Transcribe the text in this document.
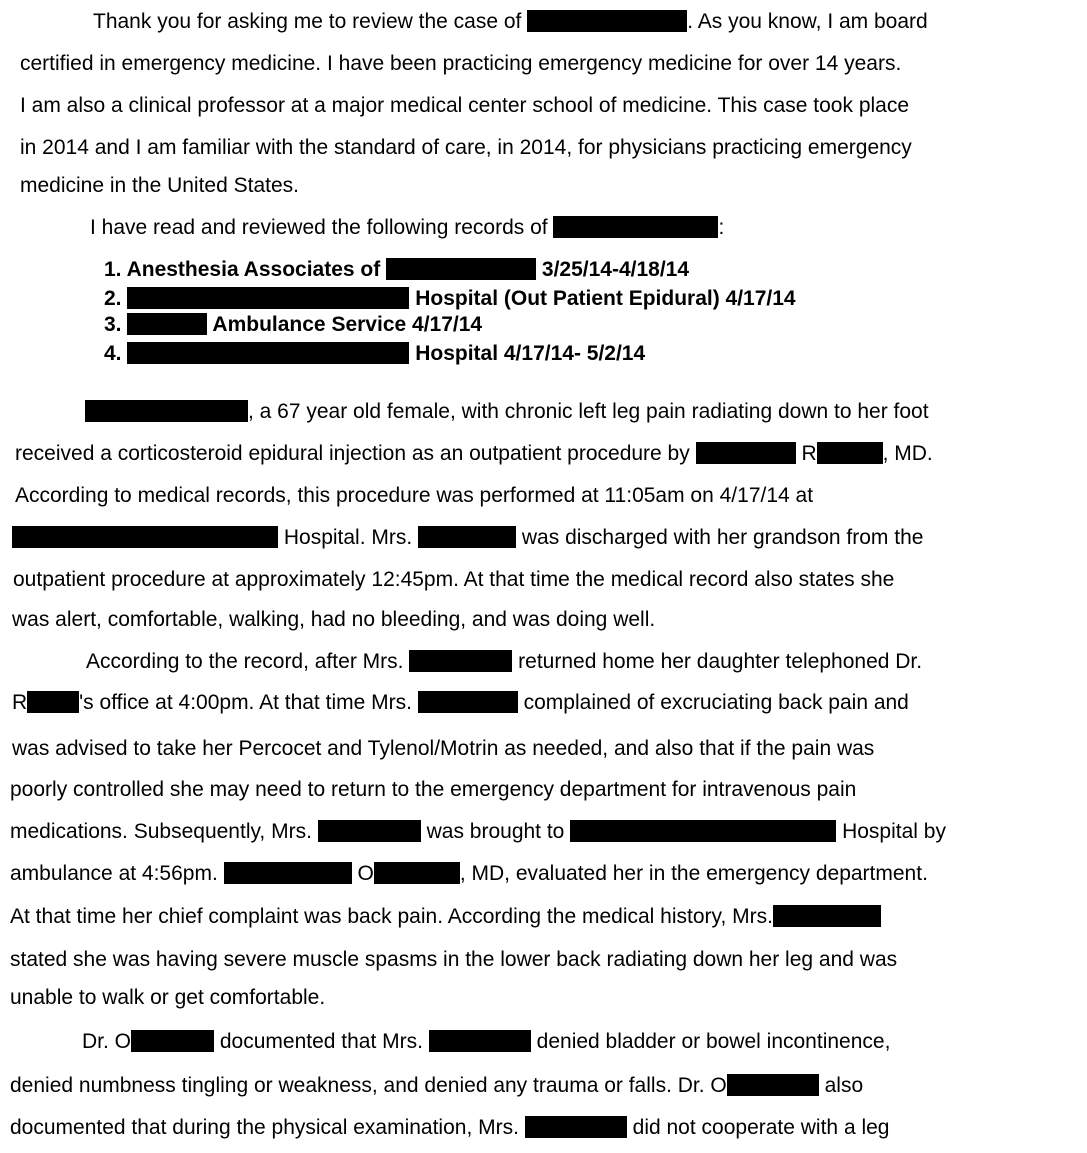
Thank you for asking me to review the case of	. As you know, I am board
certified in emergency medicine. I have been practicing emergency medicine for over 14 years.
I am also a clinical professor at a major medical center school of medicine. This case took place
in 2014 and I am familiar with the standard of care, in 2014, for physicians practicing emergency
medicine in the United States.
I have read and reviewed the following records of	:
1. Anesthesia Associates of	3/25/14-4/18/14
2.	Hospital (Out Patient Epidural) 4/17/14
3.	Ambulance Service 4/17/14
4.	Hospital 4/17/14- 5/2/14
, a 67 year old female, with chronic left leg pain radiating down to her foot
received a corticosteroid epidural injection as an outpatient procedure by	R	, MD.
According to medical records, this procedure was performed at 11:05am on 4/17/14 at
Hospital. Mrs.	was discharged with her grandson from the
outpatient procedure at approximately 12:45pm. At that time the medical record also states she
was alert, comfortable, walking, had no bleeding, and was doing well.
According to the record, after Mrs.	returned home her daughter telephoned Dr.
R 's office at 4:00pm. At that time Mrs.	complained of excruciating back pain and
was advised to take her Percocet and Tylenol/Motrin as needed, and also that if the pain was
poorly controlled she may need to return to the emergency department for intravenous pain
medications. Subsequently, Mrs.	was brought to	Hospital by
ambulance at 4:56pm.	O	, MD, evaluated her in the emergency department.
At that time her chief complaint was back pain. According the medical history, Mrs.
stated she was having severe muscle spasms in the lower back radiating down her leg and was
unable to walk or get comfortable.
Dr. O	documented that Mrs.	denied bladder or bowel incontinence,
denied numbness tingling or weakness, and denied any trauma or falls. Dr. O	also
documented that during the physical examination, Mrs.	did not cooperate with a leg
